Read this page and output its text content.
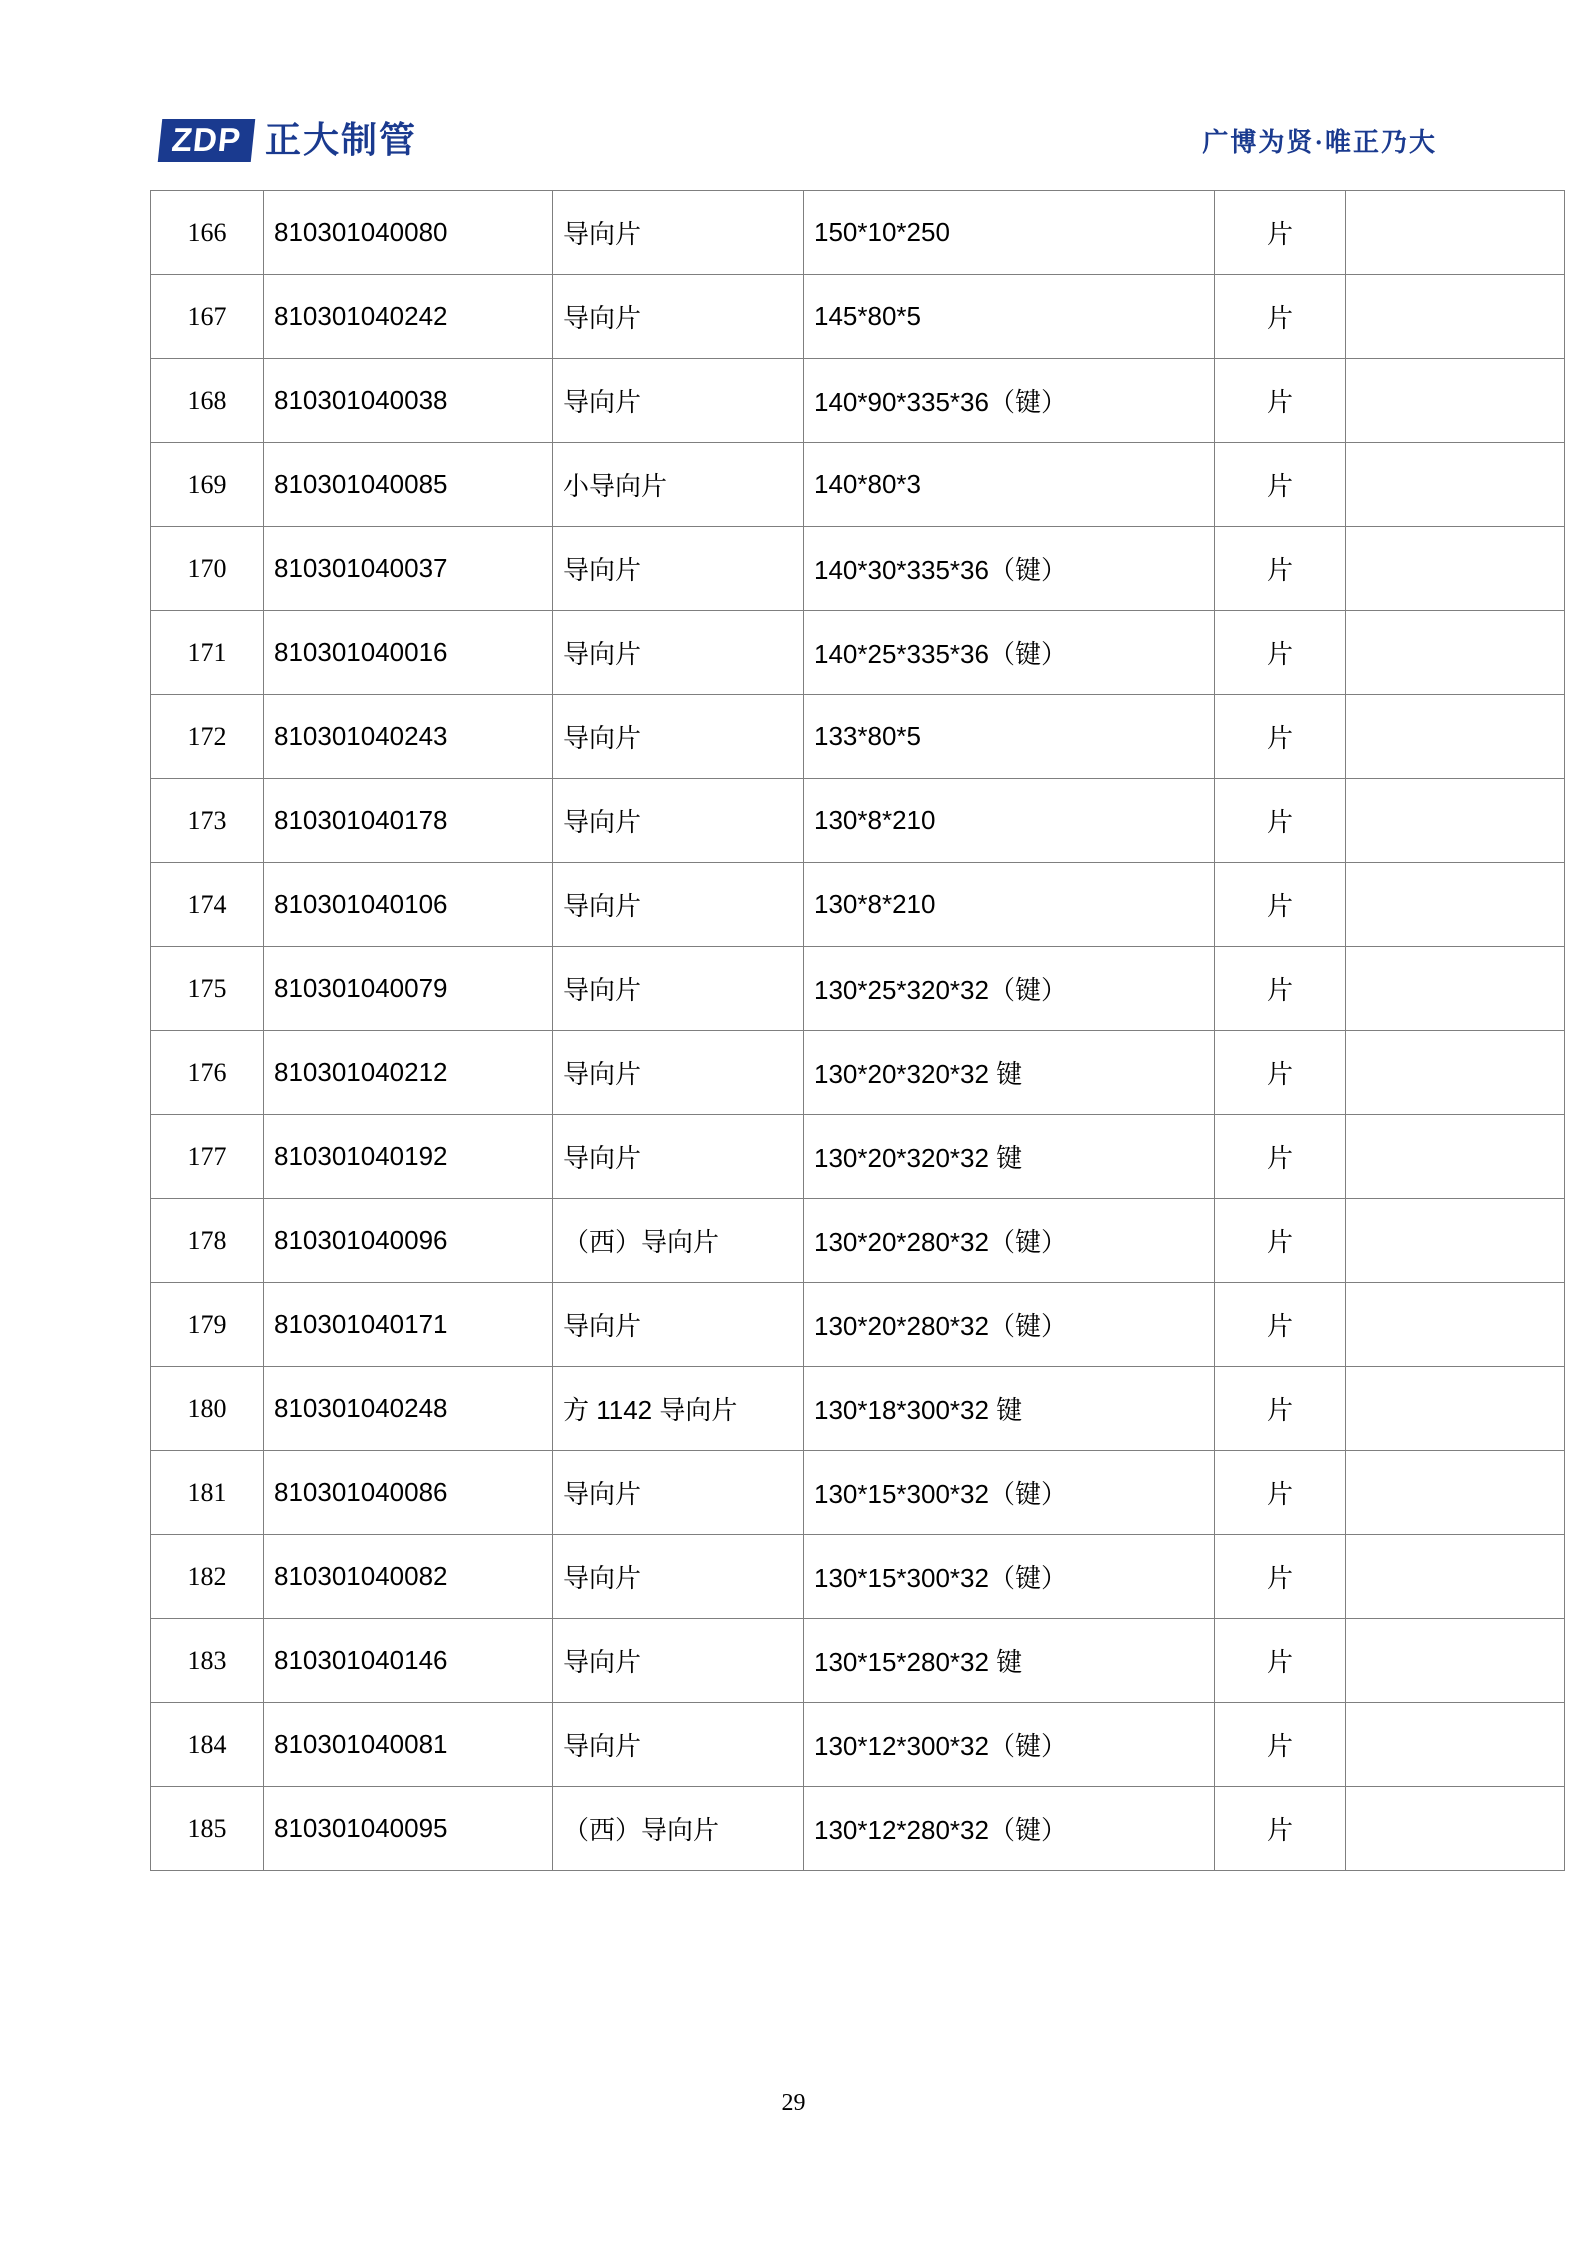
ZDP 正大制管	广博为贤·唯正乃大
166	810301040080	导向片	150*10*250	片	
167	810301040242	导向片	145*80*5	片	
168	810301040038	导向片	140*90*335*36（键）	片	
169	810301040085	小导向片	140*80*3	片	
170	810301040037	导向片	140*30*335*36（键）	片	
171	810301040016	导向片	140*25*335*36（键）	片	
172	810301040243	导向片	133*80*5	片	
173	810301040178	导向片	130*8*210	片	
174	810301040106	导向片	130*8*210	片	
175	810301040079	导向片	130*25*320*32（键）	片	
176	810301040212	导向片	130*20*320*32 键	片	
177	810301040192	导向片	130*20*320*32 键	片	
178	810301040096	（西）导向片	130*20*280*32（键）	片	
179	810301040171	导向片	130*20*280*32（键）	片	
180	810301040248	方 1142 导向片	130*18*300*32 键	片	
181	810301040086	导向片	130*15*300*32（键）	片	
182	810301040082	导向片	130*15*300*32（键）	片	
183	810301040146	导向片	130*15*280*32 键	片	
184	810301040081	导向片	130*12*300*32（键）	片	
185	810301040095	（西）导向片	130*12*280*32（键）	片	
29
